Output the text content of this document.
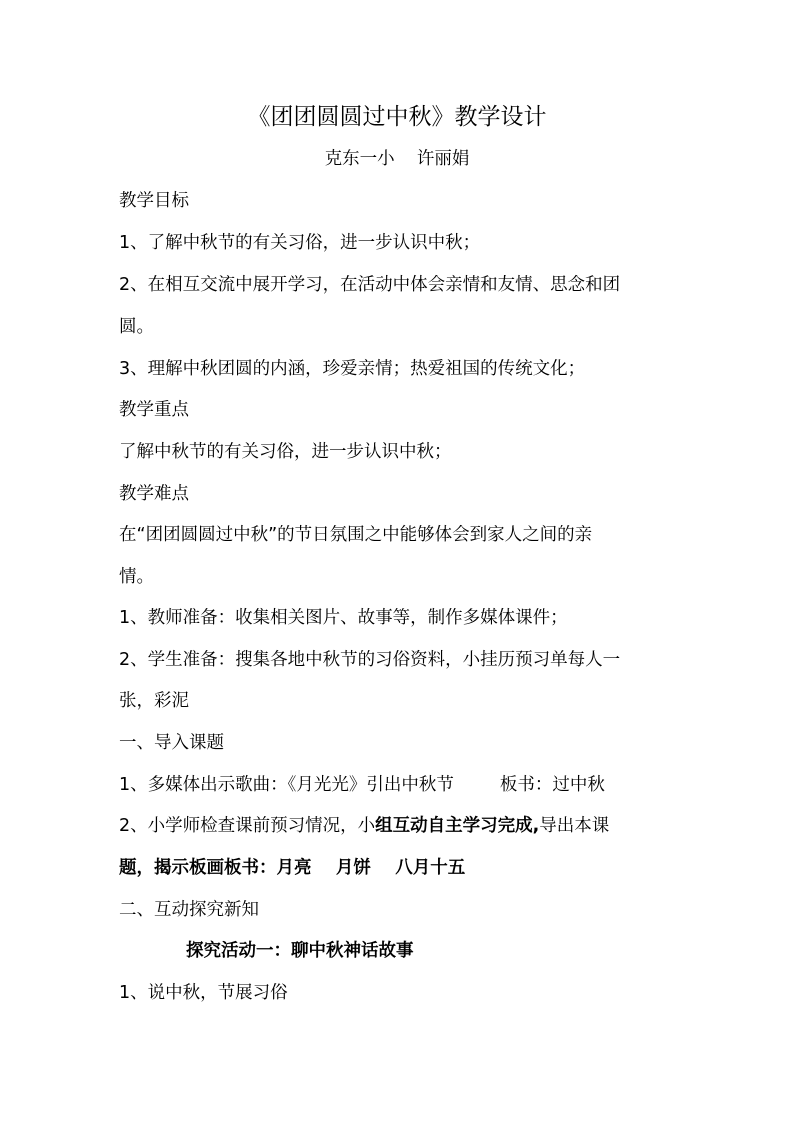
《团团圆圆过中秋》教学设计
克东一小    许丽娟
教学目标
1、了解中秋节的有关习俗，进一步认识中秋；
2、在相互交流中展开学习，在活动中体会亲情和友情、思念和团
圆。
3、理解中秋团圆的内涵，珍爱亲情；热爱祖国的传统文化；
教学重点
了解中秋节的有关习俗，进一步认识中秋；
教学难点
在“团团圆圆过中秋”的节日氛围之中能够体会到家人之间的亲
情。
1、教师准备：收集相关图片、故事等，制作多媒体课件；
2、学生准备：搜集各地中秋节的习俗资料，小挂历预习单每人一
张，彩泥
一、导入课题
1、多媒体出示歌曲：《月光光》引出中秋节	板书：过中秋
2、小学师检查课前预习情况，小组互动自主学习完成,导出本课
题，揭示板画板书：月亮    月饼    八月十五
二、互动探究新知
探究活动一：聊中秋神话故事
1、说中秋，节展习俗
